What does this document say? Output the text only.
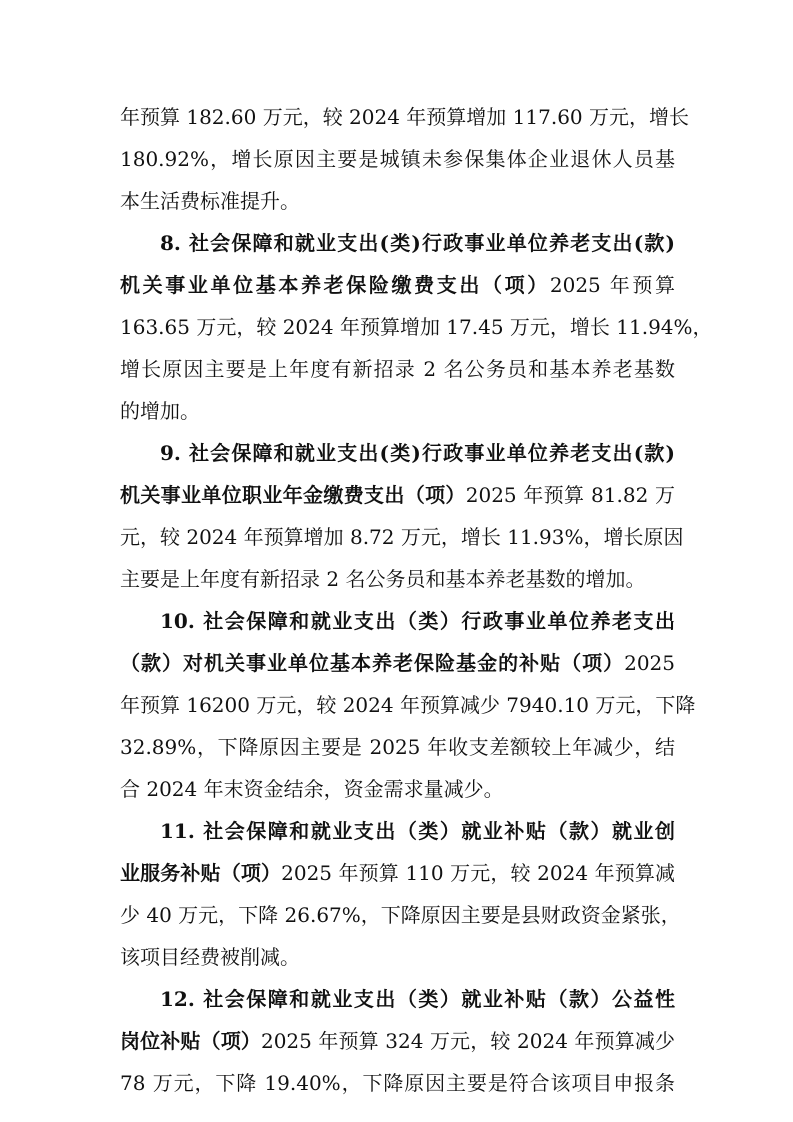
年预算 182.60 万元，较 2024 年预算增加 117.60 万元，增长
180.92%，增长原因主要是城镇未参保集体企业退休人员基
本生活费标准提升。
8. 社会保障和就业支出(类)行政事业单位养老支出(款)
机关事业单位基本养老保险缴费支出（项）2025 年预算
163.65 万元，较 2024 年预算增加 17.45 万元，增长 11.94%，
增长原因主要是上年度有新招录 2 名公务员和基本养老基数
的增加。
9. 社会保障和就业支出(类)行政事业单位养老支出(款)
机关事业单位职业年金缴费支出（项）2025 年预算 81.82 万
元，较 2024 年预算增加 8.72 万元，增长 11.93%，增长原因
主要是上年度有新招录 2 名公务员和基本养老基数的增加。
10. 社会保障和就业支出（类）行政事业单位养老支出
（款）对机关事业单位基本养老保险基金的补贴（项）2025
年预算 16200 万元，较 2024 年预算减少 7940.10 万元，下降
32.89%，下降原因主要是 2025 年收支差额较上年减少，结
合 2024 年末资金结余，资金需求量减少。
11. 社会保障和就业支出（类）就业补贴（款）就业创
业服务补贴（项）2025 年预算 110 万元，较 2024 年预算减
少 40 万元，下降 26.67%，下降原因主要是县财政资金紧张，
该项目经费被削减。
12. 社会保障和就业支出（类）就业补贴（款）公益性
岗位补贴（项）2025 年预算 324 万元，较 2024 年预算减少
78 万元，下降 19.40%，下降原因主要是符合该项目申报条
